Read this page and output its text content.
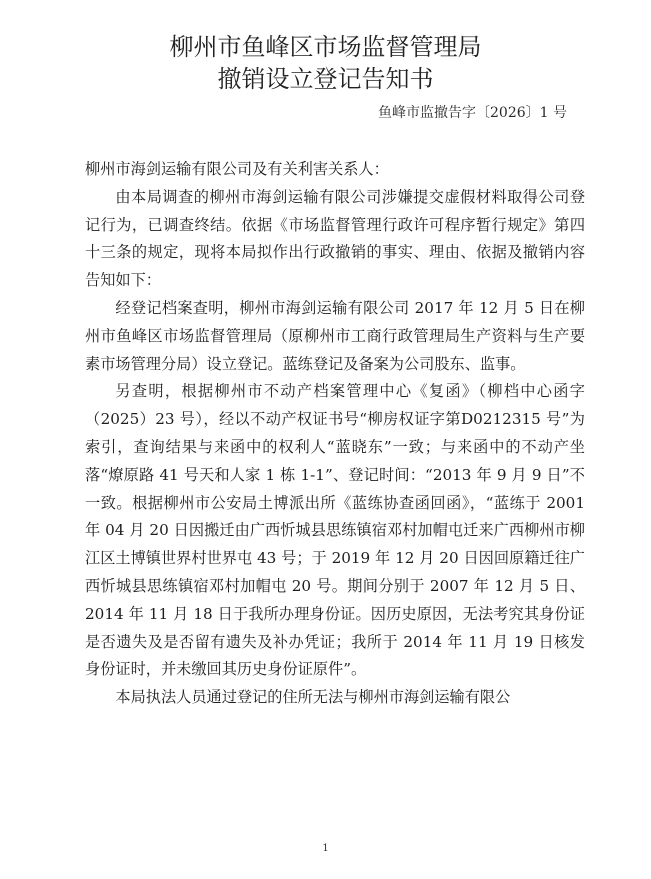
柳州市鱼峰区市场监督管理局
撤销设立登记告知书
鱼峰市监撤告字〔2026〕1 号

柳州市海剑运输有限公司及有关利害关系人：

由本局调查的柳州市海剑运输有限公司涉嫌提交虚假材料取得公司登记行为，已调查终结。依据《市场监督管理行政许可程序暂行规定》第四十三条的规定，现将本局拟作出行政撤销的事实、理由、依据及撤销内容告知如下：

经登记档案查明，柳州市海剑运输有限公司 2017 年 12 月 5 日在柳州市鱼峰区市场监督管理局（原柳州市工商行政管理局生产资料与生产要素市场管理分局）设立登记。蓝练登记及备案为公司股东、监事。

另查明，根据柳州市不动产档案管理中心《复函》（柳档中心函字（2025）23 号），经以不动产权证书号“柳房权证字第D0212315 号”为索引，查询结果与来函中的权利人“蓝晓东”一致；与来函中的不动产坐落“燎原路 41 号天和人家 1 栋 1-1”、登记时间：“2013 年 9 月 9 日”不一致。根据柳州市公安局土博派出所《蓝练协查函回函》，“蓝练于 2001 年 04 月 20 日因搬迁由广西忻城县思练镇宿邓村加帽屯迁来广西柳州市柳江区土博镇世界村世界屯 43 号；于 2019 年 12 月 20 日因回原籍迁往广西忻城县思练镇宿邓村加帽屯 20 号。期间分别于 2007 年 12 月 5 日、2014 年 11 月 18 日于我所办理身份证。因历史原因，无法考究其身份证是否遗失及是否留有遗失及补办凭证；我所于 2014 年 11 月 19 日核发身份证时，并未缴回其历史身份证原件”。

本局执法人员通过登记的住所无法与柳州市海剑运输有限公

1
